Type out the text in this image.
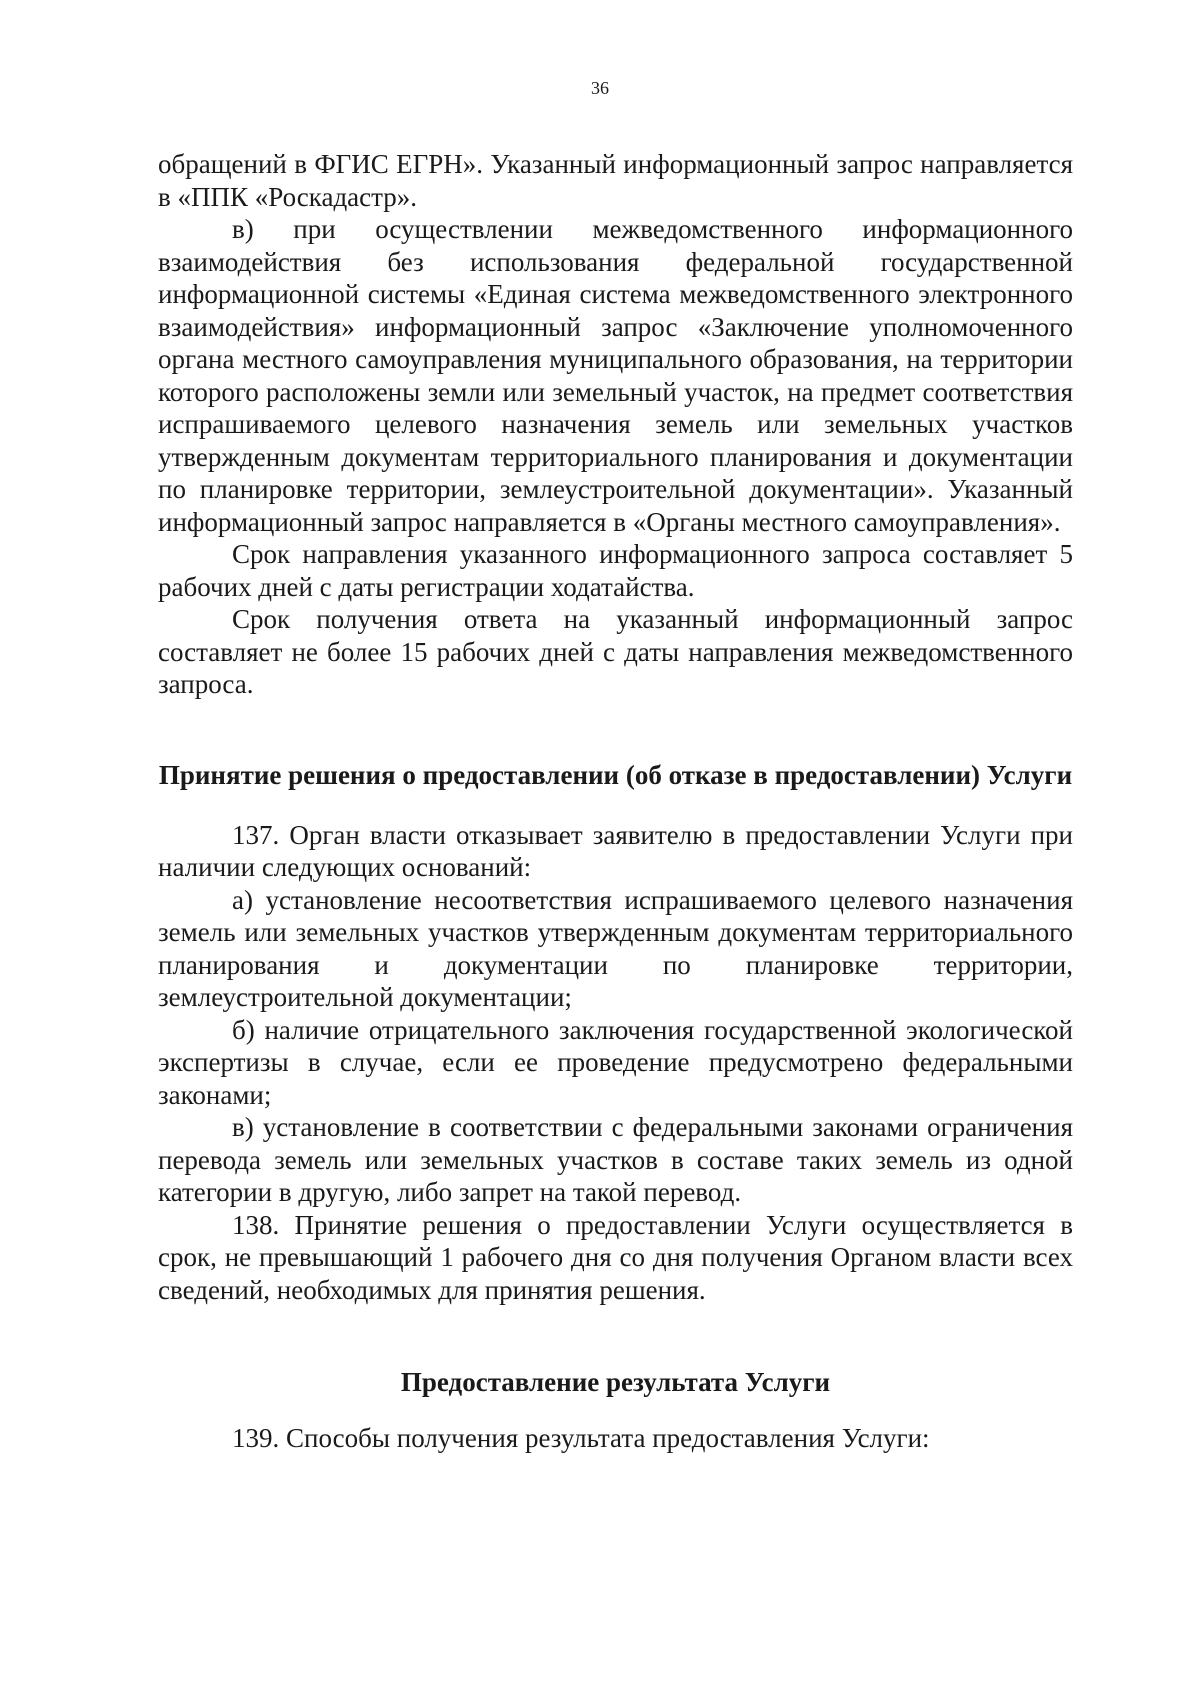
36

обращений в ФГИС ЕГРН». Указанный информационный запрос направляется в «ППК «Роскадастр».

в) при осуществлении межведомственного информационного взаимодействия без использования федеральной государственной информационной системы «Единая система межведомственного электронного взаимодействия» информационный запрос «Заключение уполномоченного органа местного самоуправления муниципального образования, на территории которого расположены земли или земельный участок, на предмет соответствия испрашиваемого целевого назначения земель или земельных участков утвержденным документам территориального планирования и документации по планировке территории, землеустроительной документации». Указанный информационный запрос направляется в «Органы местного самоуправления».

Срок направления указанного информационного запроса составляет 5 рабочих дней с даты регистрации ходатайства.

Срок получения ответа на указанный информационный запрос составляет не более 15 рабочих дней с даты направления межведомственного запроса.

Принятие решения о предоставлении (об отказе в предоставлении) Услуги

137. Орган власти отказывает заявителю в предоставлении Услуги при наличии следующих оснований:

а) установление несоответствия испрашиваемого целевого назначения земель или земельных участков утвержденным документам территориального планирования и документации по планировке территории, землеустроительной документации;

б) наличие отрицательного заключения государственной экологической экспертизы в случае, если ее проведение предусмотрено федеральными законами;

в) установление в соответствии с федеральными законами ограничения перевода земель или земельных участков в составе таких земель из одной категории в другую, либо запрет на такой перевод.

138. Принятие решения о предоставлении Услуги осуществляется в срок, не превышающий 1 рабочего дня со дня получения Органом власти всех сведений, необходимых для принятия решения.

Предоставление результата Услуги

139. Способы получения результата предоставления Услуги:
